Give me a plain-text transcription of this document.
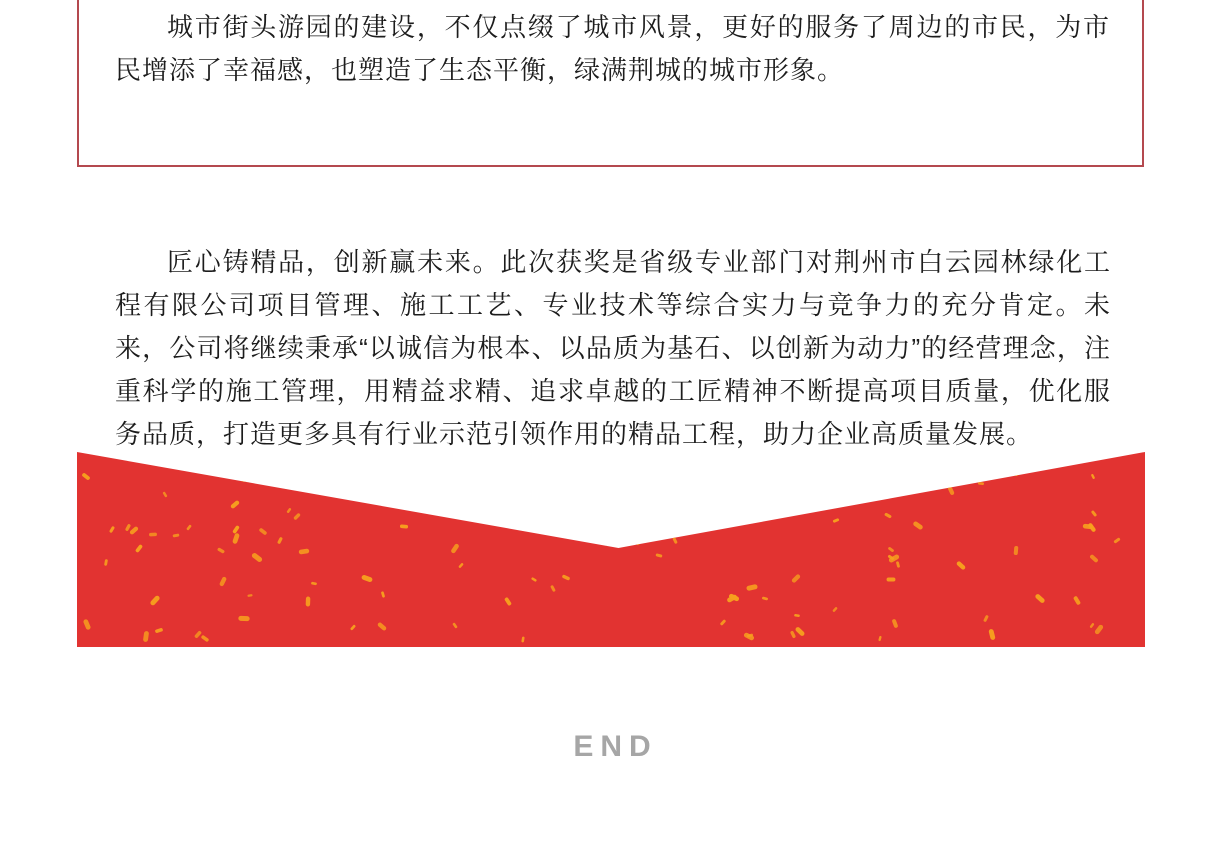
城市街头游园的建设，不仅点缀了城市风景，更好的服务了周边的市民，为市民增添了幸福感，也塑造了生态平衡，绿满荆城的城市形象。

匠心铸精品，创新赢未来。此次获奖是省级专业部门对荆州市白云园林绿化工程有限公司项目管理、施工工艺、专业技术等综合实力与竞争力的充分肯定。未来，公司将继续秉承“以诚信为根本、以品质为基石、以创新为动力”的经营理念，注重科学的施工管理，用精益求精、追求卓越的工匠精神不断提高项目质量，优化服务品质，打造更多具有行业示范引领作用的精品工程，助力企业高质量发展。

END
